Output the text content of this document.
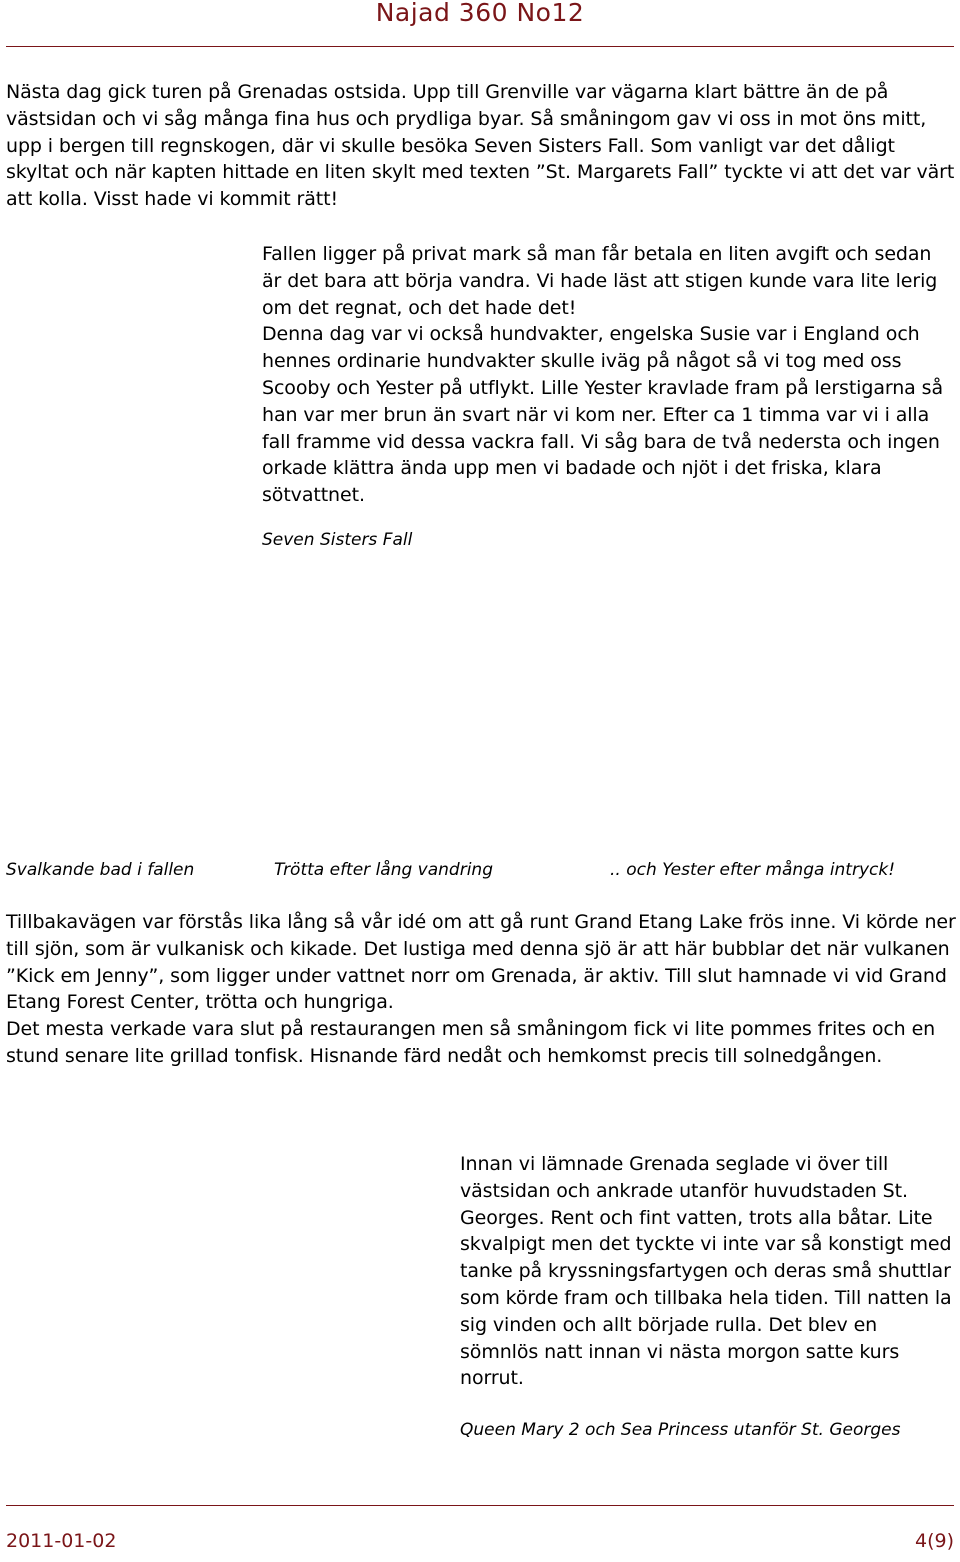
Najad 360 No12

Nästa dag gick turen på Grenadas ostsida. Upp till Grenville var vägarna klart bättre än de på västsidan och vi såg många fina hus och prydliga byar. Så småningom gav vi oss in mot öns mitt, upp i bergen till regnskogen, där vi skulle besöka Seven Sisters Fall. Som vanligt var det dåligt skyltat och när kapten hittade en liten skylt med texten ”St. Margarets Fall” tyckte vi att det var värt att kolla. Visst hade vi kommit rätt!

Fallen ligger på privat mark så man får betala en liten avgift och sedan är det bara att börja vandra. Vi hade läst att stigen kunde vara lite lerig om det regnat, och det hade det!
Denna dag var vi också hundvakter, engelska Susie var i England och hennes ordinarie hundvakter skulle iväg på något så vi tog med oss Scooby och Yester på utflykt. Lille Yester kravlade fram på lerstigarna så han var mer brun än svart när vi kom ner. Efter ca 1 timma var vi i alla fall framme vid dessa vackra fall. Vi såg bara de två nedersta och ingen orkade klättra ända upp men vi badade och njöt i det friska, klara sötvattnet.
Seven Sisters Fall
Svalkande bad i fallen	Trötta efter lång vandring	.. och Yester efter många intryck!
Tillbakavägen var förstås lika lång så vår idé om att gå runt Grand Etang Lake frös inne. Vi körde ner till sjön, som är vulkanisk och kikade. Det lustiga med denna sjö är att här bubblar det när vulkanen ”Kick em Jenny”, som ligger under vattnet norr om Grenada, är aktiv. Till slut hamnade vi vid Grand Etang Forest Center, trötta och hungriga.
Det mesta verkade vara slut på restaurangen men så småningom fick vi lite pommes frites och en stund senare lite grillad tonfisk. Hisnande färd nedåt och hemkomst precis till solnedgången.

Innan vi lämnade Grenada seglade vi över till västsidan och ankrade utanför huvudstaden St. Georges. Rent och fint vatten, trots alla båtar. Lite skvalpigt men det tyckte vi inte var så konstigt med tanke på kryssningsfartygen och deras små shuttlar som körde fram och tillbaka hela tiden. Till natten la sig vinden och allt började rulla. Det blev en sömnlös natt innan vi nästa morgon satte kurs norrut.

Queen Mary 2 och Sea Princess utanför St. Georges
2011-01-02	4(9)
